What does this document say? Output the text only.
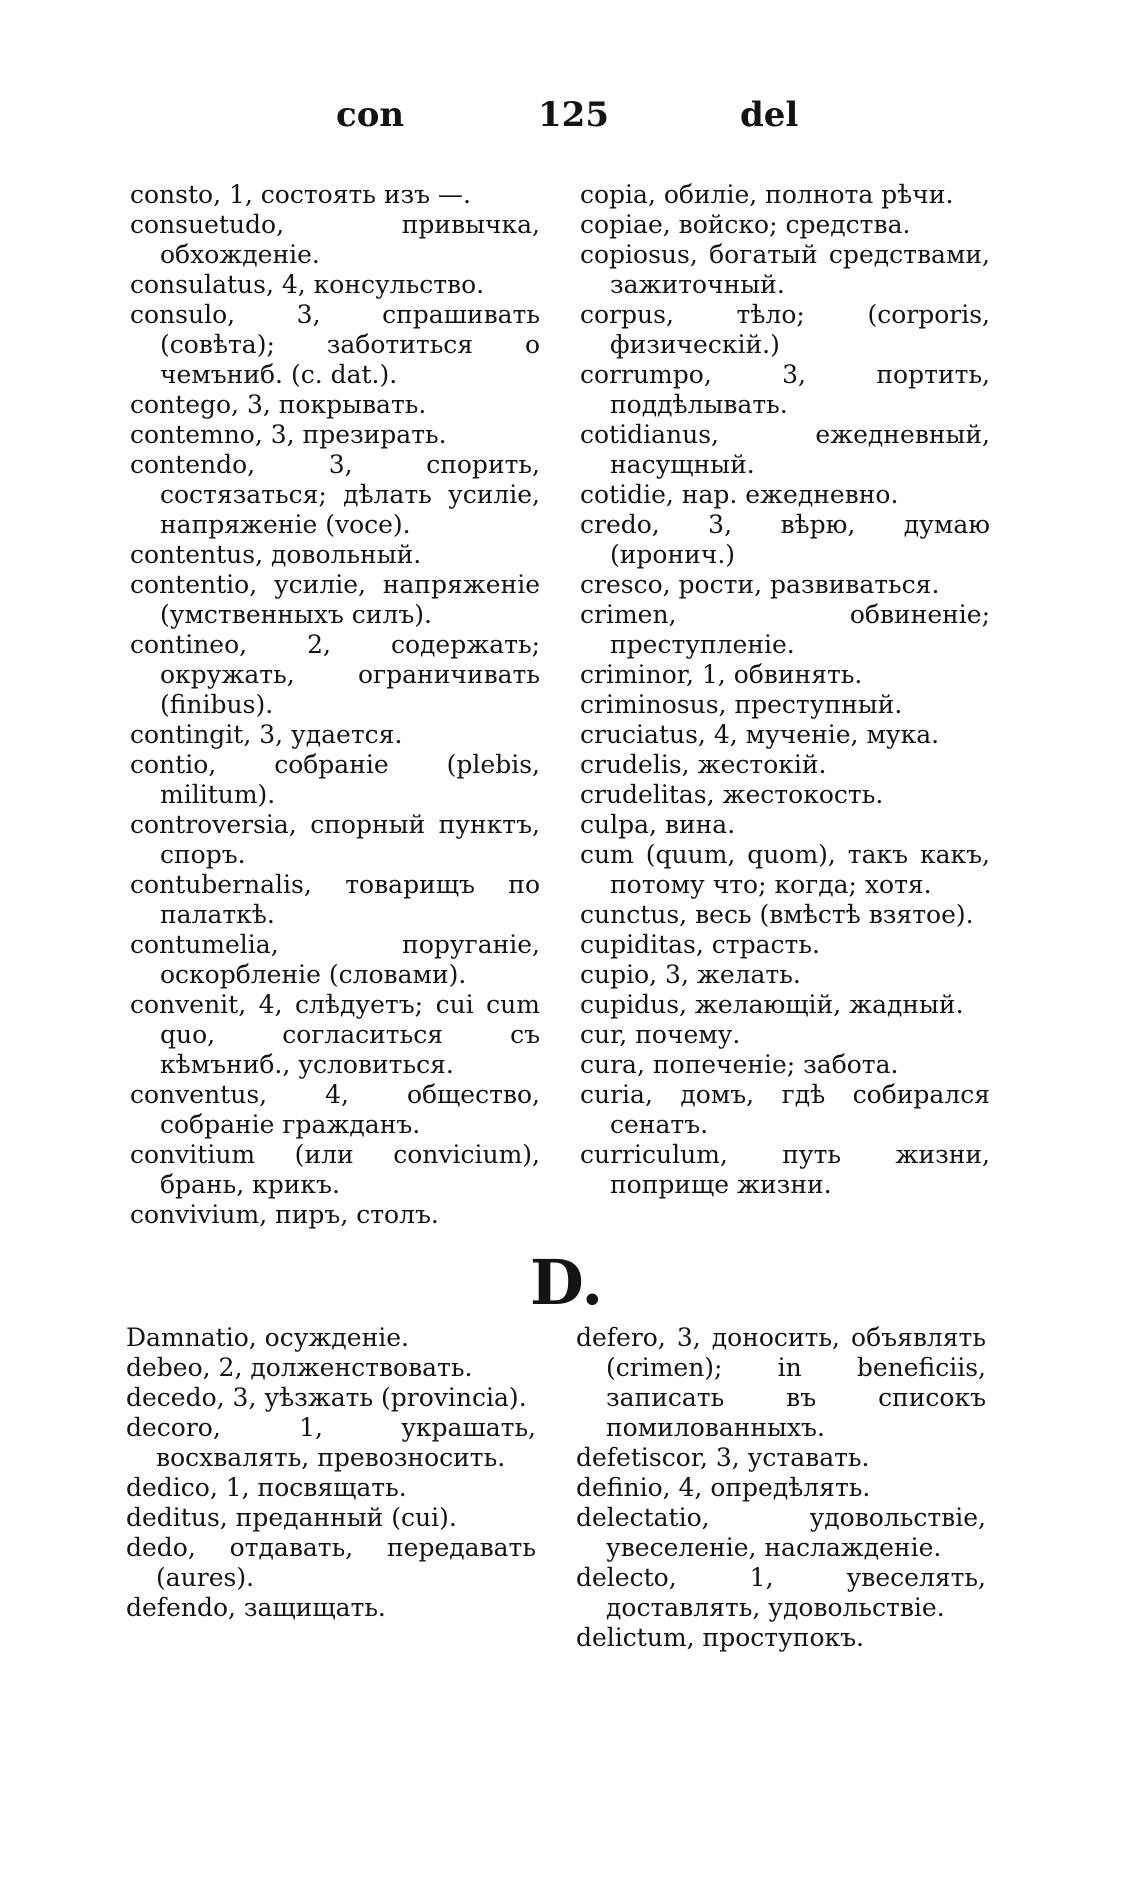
con	125	del
consto, 1, состоять изъ —.
consuetudo, привычка, обхожденіе.
consulatus, 4, консульство.
consulo, 3, спрашивать (совѣта); заботиться о чемъниб. (c. dat.).
contego, 3, покрывать.
contemno, 3, презирать.
contendo, 3, спорить, состязаться; дѣлать усиліе, напряженіе (voce).
contentus, довольный.
contentio, усиліе, напряженіе (умственныхъ силъ).
contineo, 2, содержать; окружать, ограничивать (finibus).
contingit, 3, удается.
contio, собраніе (plebis, militum).
controversia, спорный пунктъ, споръ.
contubernalis, товарищъ по палаткѣ.
contumelia, поруганіе, оскорбленіе (словами).
convenit, 4, слѣдуетъ; cui cum quo, согласиться съ кѣмъниб., условиться.
conventus, 4, общество, собраніе гражданъ.
convitium (или convicium), брань, крикъ.
convivium, пиръ, столъ.
copia, обиліе, полнота рѣчи.
copiae, войско; средства.
copiosus, богатый средствами, зажиточный.
corpus, тѣло; (corporis, физическій.)
corrumpo, 3, портить, поддѣлывать.
cotidianus, ежедневный, насущный.
cotidie, нар. ежедневно.
credo, 3, вѣрю, думаю (иронич.)
cresco, рости, развиваться.
crimen, обвиненіе; преступленіе.
criminor, 1, обвинять.
criminosus, преступный.
cruciatus, 4, мученіе, мука.
crudelis, жестокій.
crudelitas, жестокость.
culpa, вина.
cum (quum, quom), такъ какъ, потому что; когда; хотя.
cunctus, весь (вмѣстѣ взятое).
cupiditas, страсть.
cupio, 3, желать.
cupidus, желающій, жадный.
cur, почему.
cura, попеченіе; забота.
curia, домъ, гдѣ собирался сенатъ.
curriculum, путь жизни, поприще жизни.
D.
Damnatio, осужденіе.
debeo, 2, долженствовать.
decedo, 3, уѣзжать (provincia).
decoro, 1, украшать, восхвалять, превозносить.
dedico, 1, посвящать.
deditus, преданный (cui).
dedo, отдавать, передавать (aures).
defendo, защищать.
defero, 3, доносить, объявлять (crimen); in beneficiis, записать въ списокъ помилованныхъ.
defetiscor, 3, уставать.
definio, 4, опредѣлять.
delectatio, удовольствіе, увеселеніе, наслажденіе.
delecto, 1, увеселять, доставлять, удовольствіе.
delictum, проступокъ.
